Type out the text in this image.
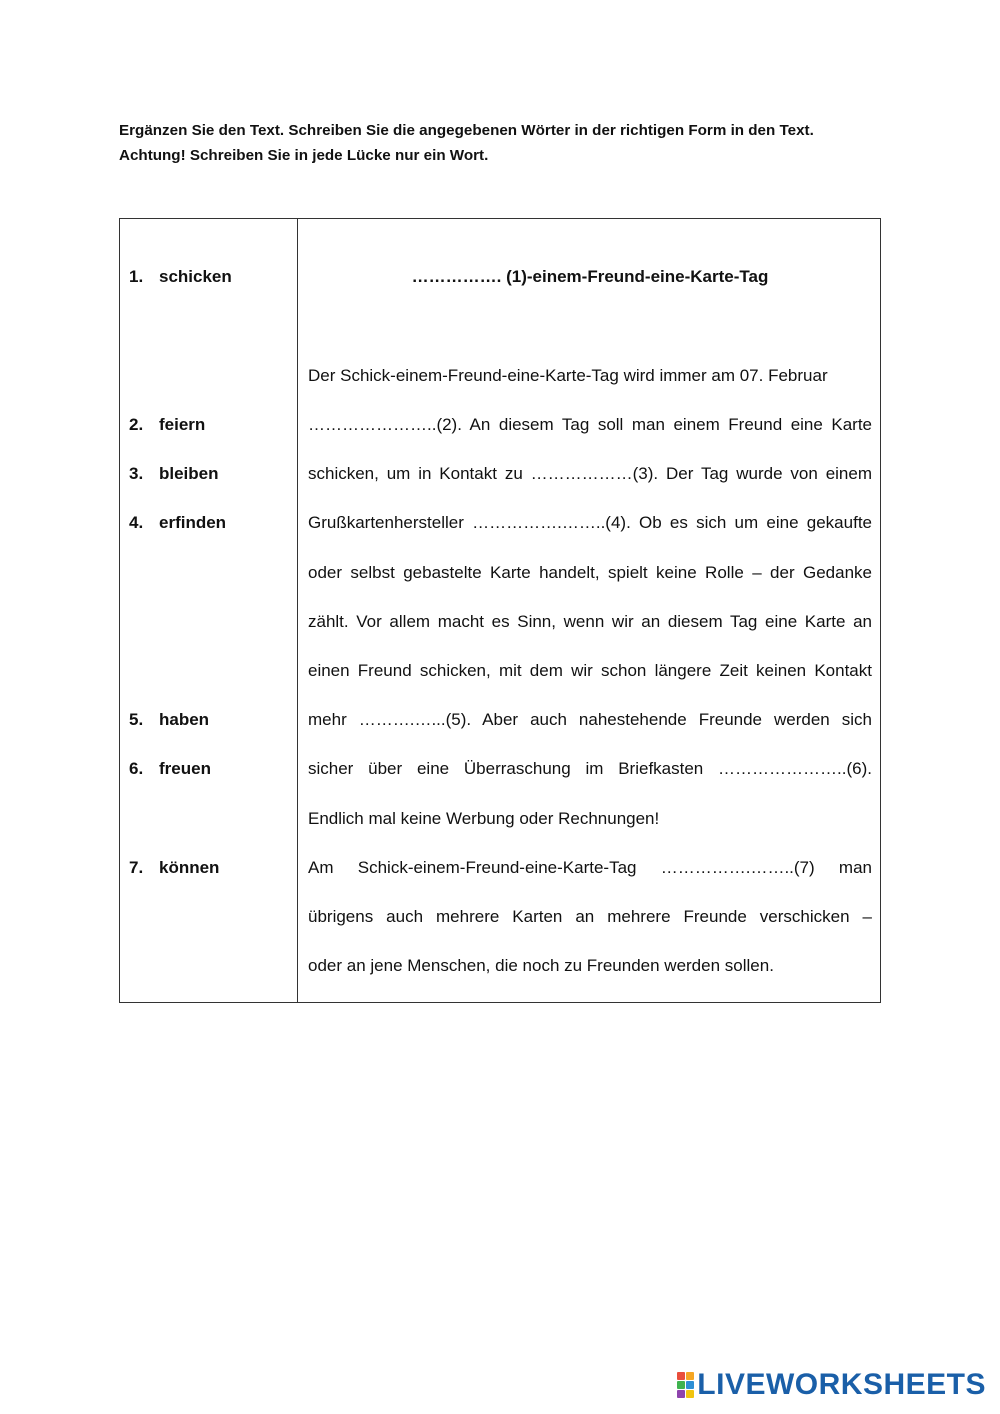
Ergänzen Sie den Text. Schreiben Sie die angegebenen Wörter in der richtigen Form in den Text.

Achtung! Schreiben Sie in jede Lücke nur ein Wort.

1. schicken
2. feiern
3. bleiben
4. erfinden
5. haben
6. freuen
7. können
……………. (1)-einem-Freund-eine-Karte-Tag
Der Schick-einem-Freund-eine-Karte-Tag wird immer am 07. Februar
…………………..(2). An diesem Tag soll man einem Freund eine Karte
schicken, um in Kontakt zu ………………(3). Der Tag wurde von einem
Grußkartenhersteller …………….……..(4). Ob es sich um eine gekaufte
oder selbst gebastelte Karte handelt, spielt keine Rolle – der Gedanke
zählt. Vor allem macht es Sinn, wenn wir an diesem Tag eine Karte an
einen Freund schicken, mit dem wir schon längere Zeit keinen Kontakt
mehr ……….…...(5). Aber auch nahestehende Freunde werden sich
sicher über eine Überraschung im Briefkasten …………………..(6).
Endlich mal keine Werbung oder Rechnungen!
Am Schick-einem-Freund-eine-Karte-Tag …………….……..(7) man
übrigens auch mehrere Karten an mehrere Freunde verschicken –
oder an jene Menschen, die noch zu Freunden werden sollen.
LIVEWORKSHEETS
